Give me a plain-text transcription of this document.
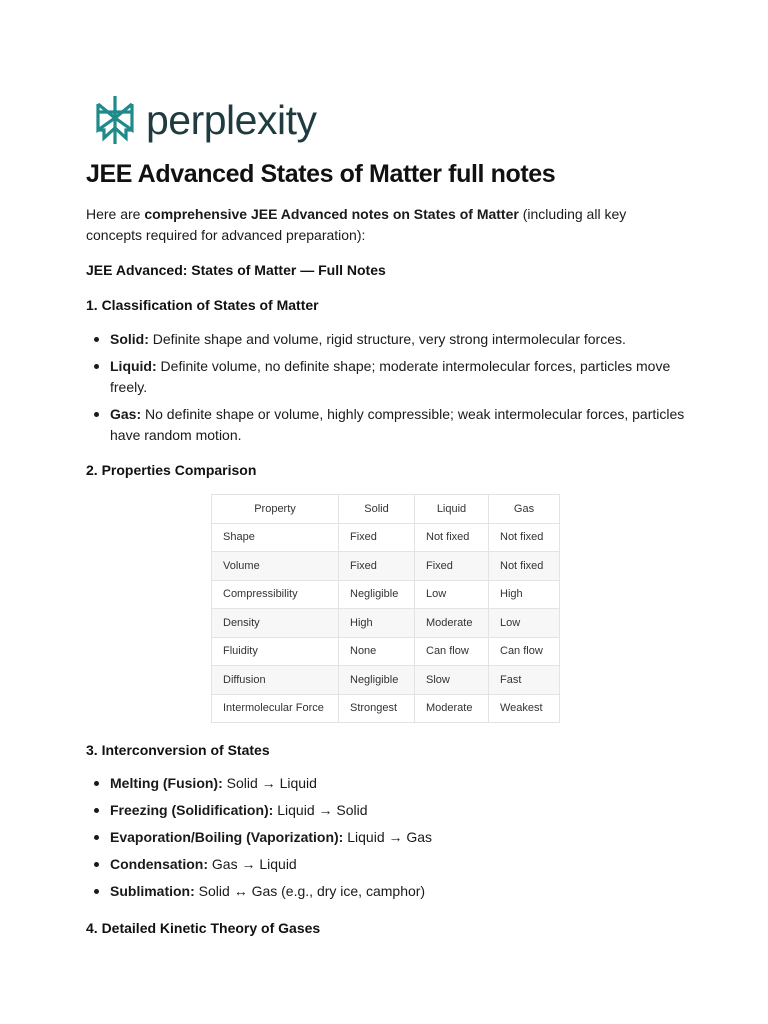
perplexity
JEE Advanced States of Matter full notes

Here are comprehensive JEE Advanced notes on States of Matter (including all key concepts required for advanced preparation):

JEE Advanced: States of Matter — Full Notes

1. Classification of States of Matter

Solid: Definite shape and volume, rigid structure, very strong intermolecular forces.
Liquid: Definite volume, no definite shape; moderate intermolecular forces, particles move freely.
Gas: No definite shape or volume, highly compressible; weak intermolecular forces, particles have random motion.

2. Properties Comparison

Property	Solid	Liquid	Gas
Shape	Fixed	Not fixed	Not fixed
Volume	Fixed	Fixed	Not fixed
Compressibility	Negligible	Low	High
Density	High	Moderate	Low
Fluidity	None	Can flow	Can flow
Diffusion	Negligible	Slow	Fast
Intermolecular Force	Strongest	Moderate	Weakest

3. Interconversion of States

Melting (Fusion): Solid → Liquid
Freezing (Solidification): Liquid → Solid
Evaporation/Boiling (Vaporization): Liquid → Gas
Condensation: Gas → Liquid
Sublimation: Solid ↔ Gas (e.g., dry ice, camphor)

4. Detailed Kinetic Theory of Gases
